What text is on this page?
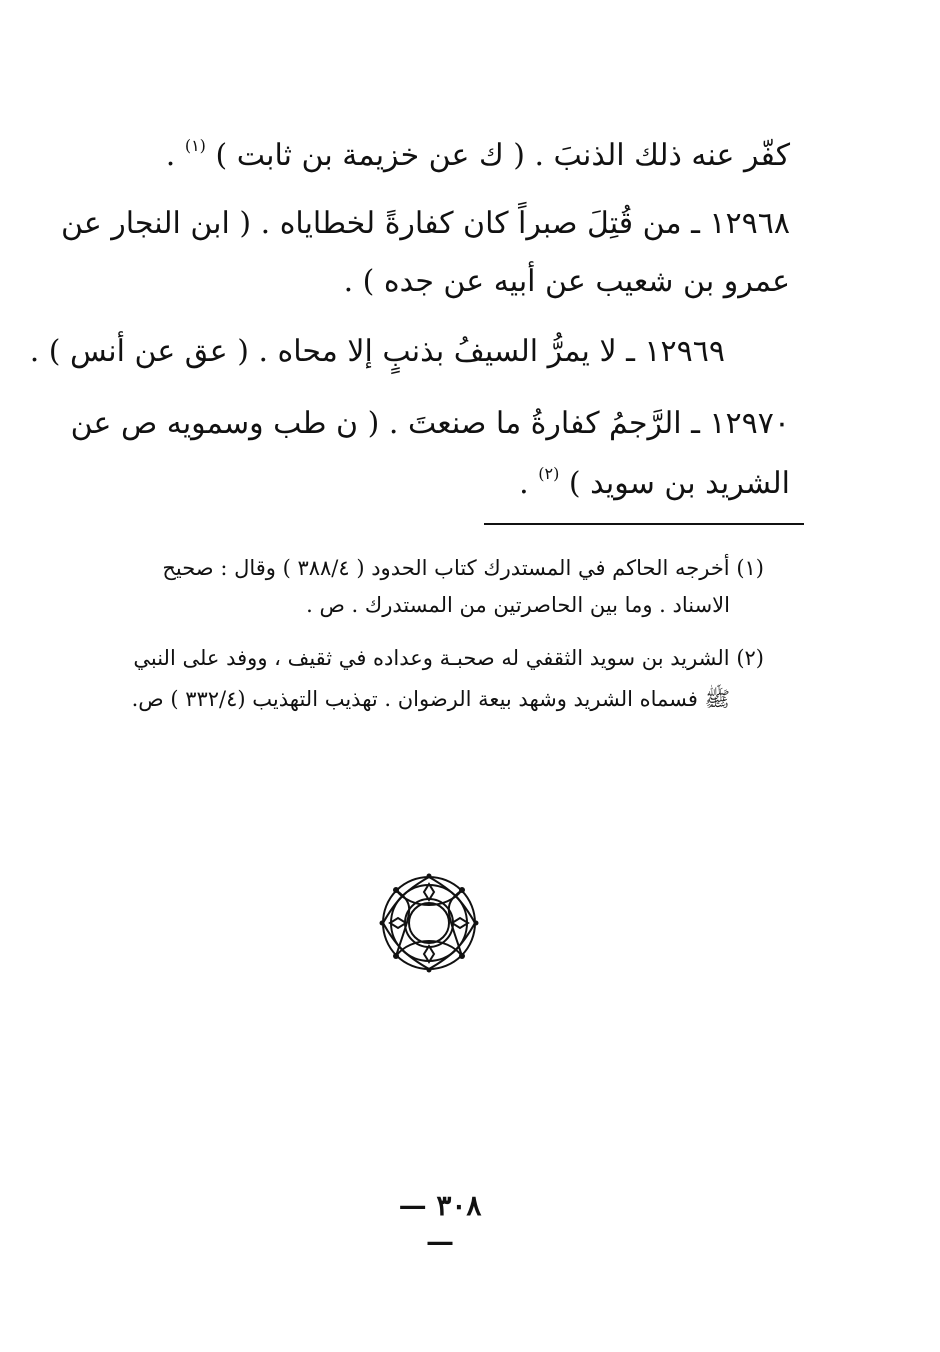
كفّر عنه ذلك الذنبَ . ( ك عن خزيمة بن ثابت ) $^{(١)}$ .
١٢٩٦٨ ـ من قُتِلَ صبراً كان كفارةً لخطاياه . ( ابن النجار عن
عمرو بن شعيب عن أبيه عن جده ) .
١٢٩٦٩ ـ لا يمرُّ السيفُ بذنبٍ إلا محاه . ( عق عن أنس ) .
١٢٩٧٠ ـ الرَّجمُ كفارةُ ما صنعتَ . ( ن طب وسمويه ص عن
الشريد بن سويد ) $^{(٢)}$ .
(١) أخرجه الحاكم في المستدرك كتاب الحدود ( ٣٨٨/٤ ) وقال : صحيح
الاسناد . وما بين الحاصرتين من المستدرك . ص .
(٢) الشريد بن سويد الثقفي له صحبـة وعداده في ثقيف ، ووفد على النبي
ﷺ فسماه الشريد وشهد بيعة الرضوان . تهذيب التهذيب (٣٣٢/٤ ) ص.
— ٣٠٨ —
